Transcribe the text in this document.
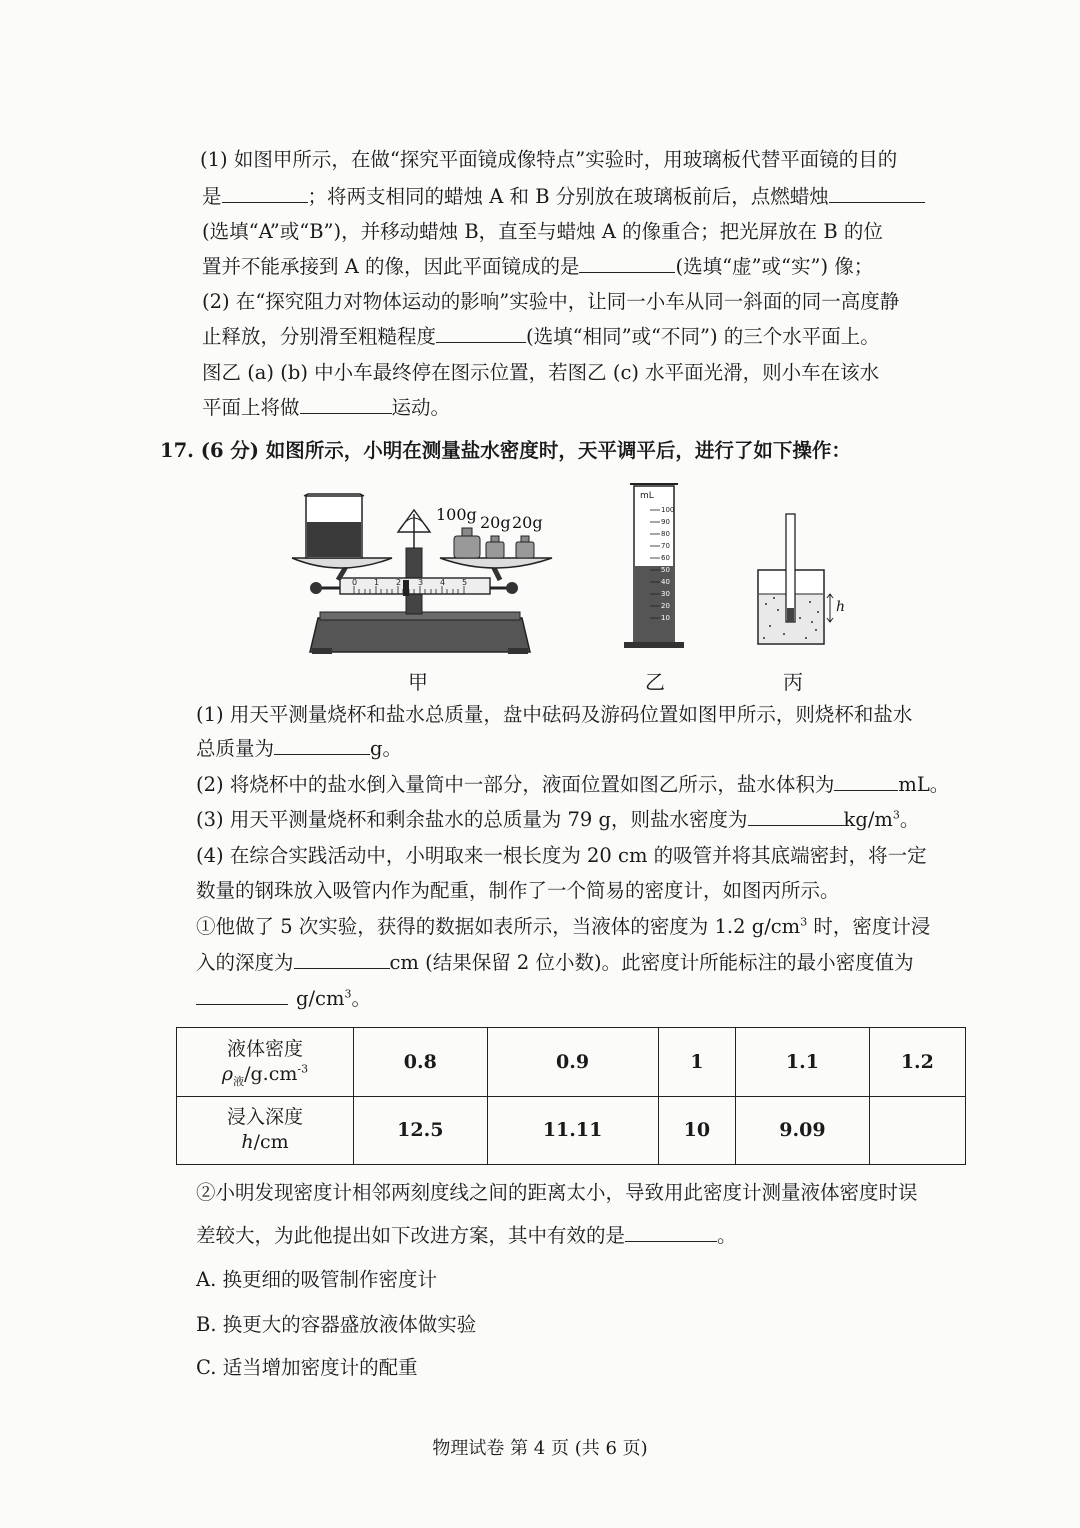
(1) 如图甲所示，在做“探究平面镜成像特点”实验时，用玻璃板代替平面镜的目的
是	；将两支相同的蜡烛 A 和 B 分别放在玻璃板前后，点燃蜡烛
(选填“A”或“B”)，并移动蜡烛 B，直至与蜡烛 A 的像重合；把光屏放在 B 的位
置并不能承接到 A 的像，因此平面镜成的是	(选填“虚”或“实”) 像；
(2) 在“探究阻力对物体运动的影响”实验中，让同一小车从同一斜面的同一高度静
止释放，分别滑至粗糙程度	(选填“相同”或“不同”) 的三个水平面上。
图乙 (a) (b) 中小车最终停在图示位置，若图乙 (c) 水平面光滑，则小车在该水
平面上将做	运动。
17. (6 分) 如图所示，小明在测量盐水密度时，天平调平后，进行了如下操作：
0 1 2 3 4 5
100g 20g 20g
mL
100
90
80
70
60
50
40
30
20
10
h
甲	乙	丙
(1) 用天平测量烧杯和盐水总质量，盘中砝码及游码位置如图甲所示，则烧杯和盐水
总质量为	g。
(2) 将烧杯中的盐水倒入量筒中一部分，液面位置如图乙所示，盐水体积为	mL。
(3) 用天平测量烧杯和剩余盐水的总质量为 79 g，则盐水密度为	$kg/m^3$。
(4) 在综合实践活动中，小明取来一根长度为 20 cm 的吸管并将其底端密封，将一定
数量的钢珠放入吸管内作为配重，制作了一个简易的密度计，如图丙所示。
①他做了 5 次实验，获得的数据如表所示，当液体的密度为 1.2 $g/cm^3$ 时，密度计浸
入的深度为	cm (结果保留 2 位小数)。此密度计所能标注的最小密度值为
$g/cm^3$。
液体密度
$\rho_液/g.cm^{-3}$	0.8	0.9	1	1.1	1.2

浸入深度
h/cm	12.5	11.11	10	9.09	
②小明发现密度计相邻两刻度线之间的距离太小，导致用此密度计测量液体密度时误
差较大，为此他提出如下改进方案，其中有效的是	。
A. 换更细的吸管制作密度计
B. 换更大的容器盛放液体做实验
C. 适当增加密度计的配重
物理试卷 第 4 页 (共 6 页)
